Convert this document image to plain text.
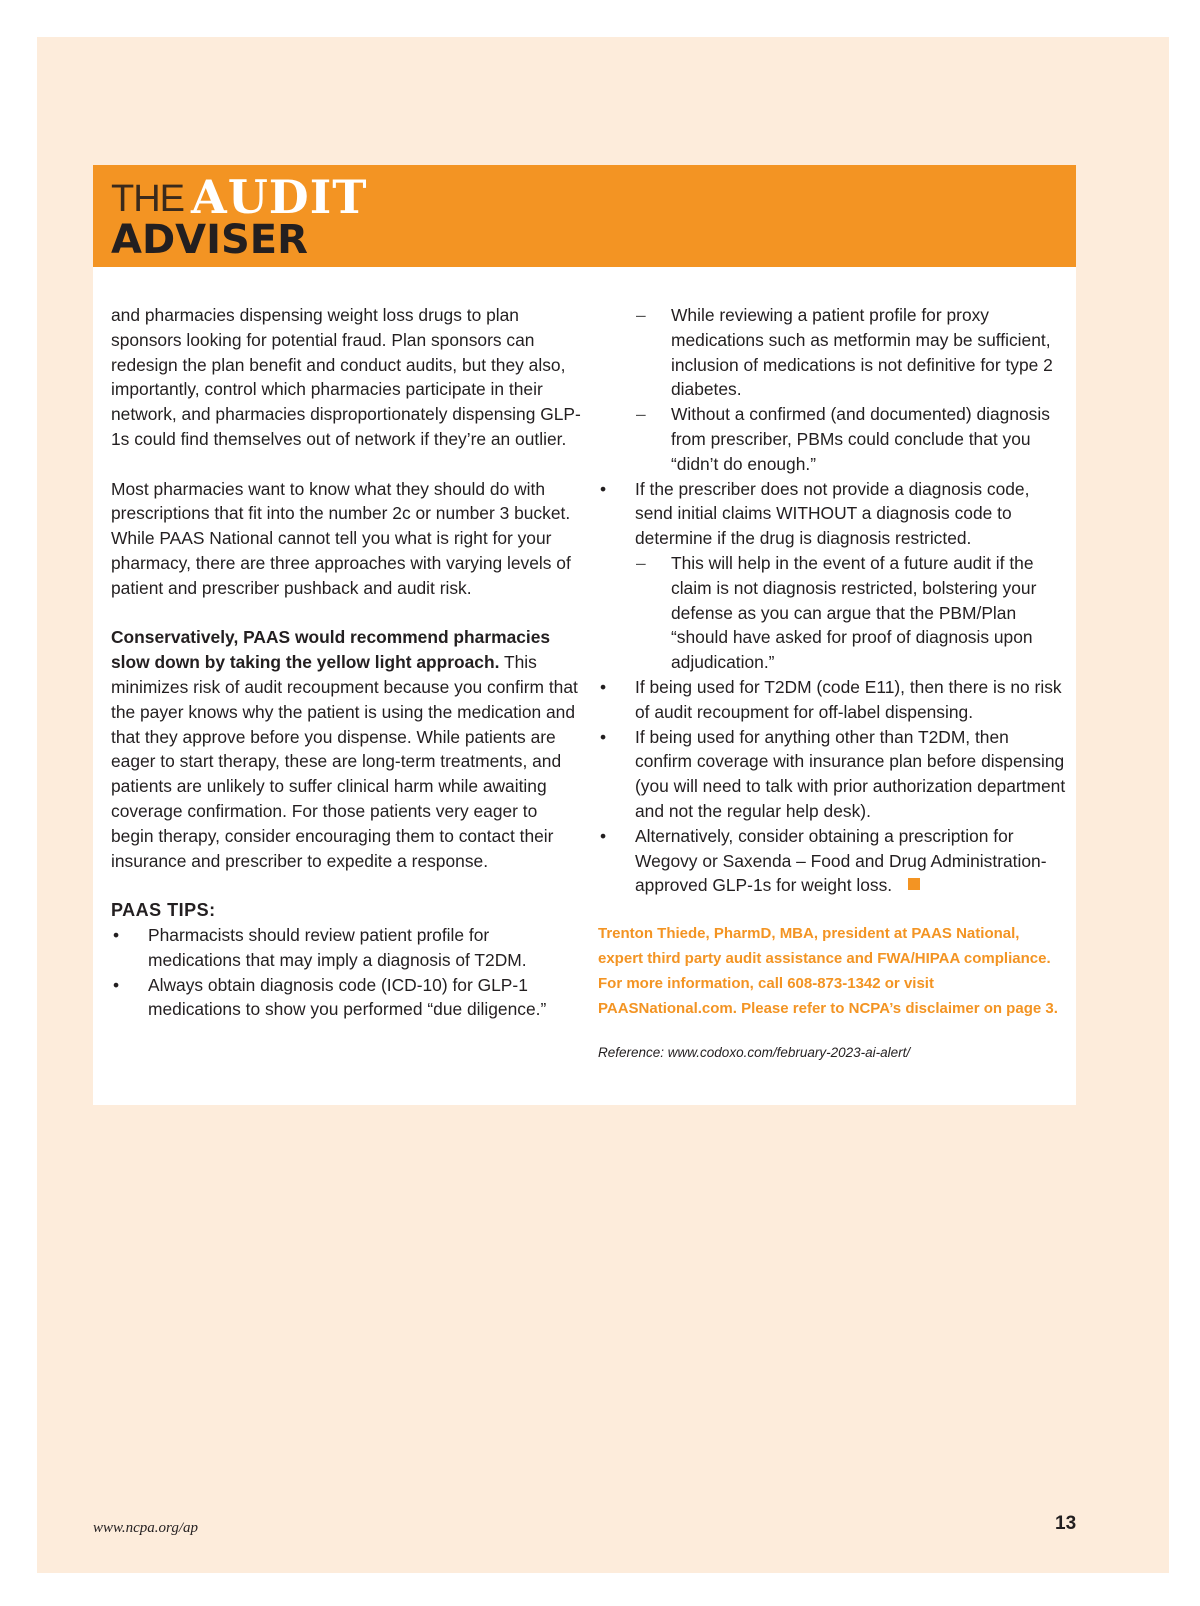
THE AUDIT
ADVISER

and pharmacies dispensing weight loss drugs to plan sponsors looking for potential fraud. Plan sponsors can redesign the plan benefit and conduct audits, but they also, importantly, control which pharmacies participate in their network, and pharmacies disproportionately dispensing GLP-1s could find themselves out of network if they’re an outlier.

Most pharmacies want to know what they should do with prescriptions that fit into the number 2c or number 3 bucket. While PAAS National cannot tell you what is right for your pharmacy, there are three approaches with varying levels of patient and prescriber pushback and audit risk.

Conservatively, PAAS would recommend pharmacies slow down by taking the yellow light approach. This minimizes risk of audit recoupment because you confirm that the payer knows why the patient is using the medication and that they approve before you dispense. While patients are eager to start therapy, these are long-term treatments, and patients are unlikely to suffer clinical harm while awaiting coverage confirmation. For those patients very eager to begin therapy, consider encouraging them to contact their insurance and prescriber to expedite a response.

PAAS TIPS:

• Pharmacists should review patient profile for medications that may imply a diagnosis of T2DM.
• Always obtain diagnosis code (ICD-10) for GLP-1 medications to show you performed “due diligence.”
– While reviewing a patient profile for proxy medications such as metformin may be sufficient, inclusion of medications is not definitive for type 2 diabetes.
– Without a confirmed (and documented) diagnosis from prescriber, PBMs could conclude that you “didn’t do enough.”
• If the prescriber does not provide a diagnosis code, send initial claims WITHOUT a diagnosis code to determine if the drug is diagnosis restricted.
– This will help in the event of a future audit if the claim is not diagnosis restricted, bolstering your defense as you can argue that the PBM/Plan “should have asked for proof of diagnosis upon adjudication.”
• If being used for T2DM (code E11), then there is no risk of audit recoupment for off-label dispensing.
• If being used for anything other than T2DM, then confirm coverage with insurance plan before dispensing (you will need to talk with prior authorization department and not the regular help desk).
• Alternatively, consider obtaining a prescription for Wegovy or Saxenda – Food and Drug Administration-approved GLP-1s for weight loss.

Trenton Thiede, PharmD, MBA, president at PAAS National, expert third party audit assistance and FWA/HIPAA compliance. For more information, call 608-873-1342 or visit PAASNational.com. Please refer to NCPA’s disclaimer on page 3.

Reference: www.codoxo.com/february-2023-ai-alert/

www.ncpa.org/ap	13
